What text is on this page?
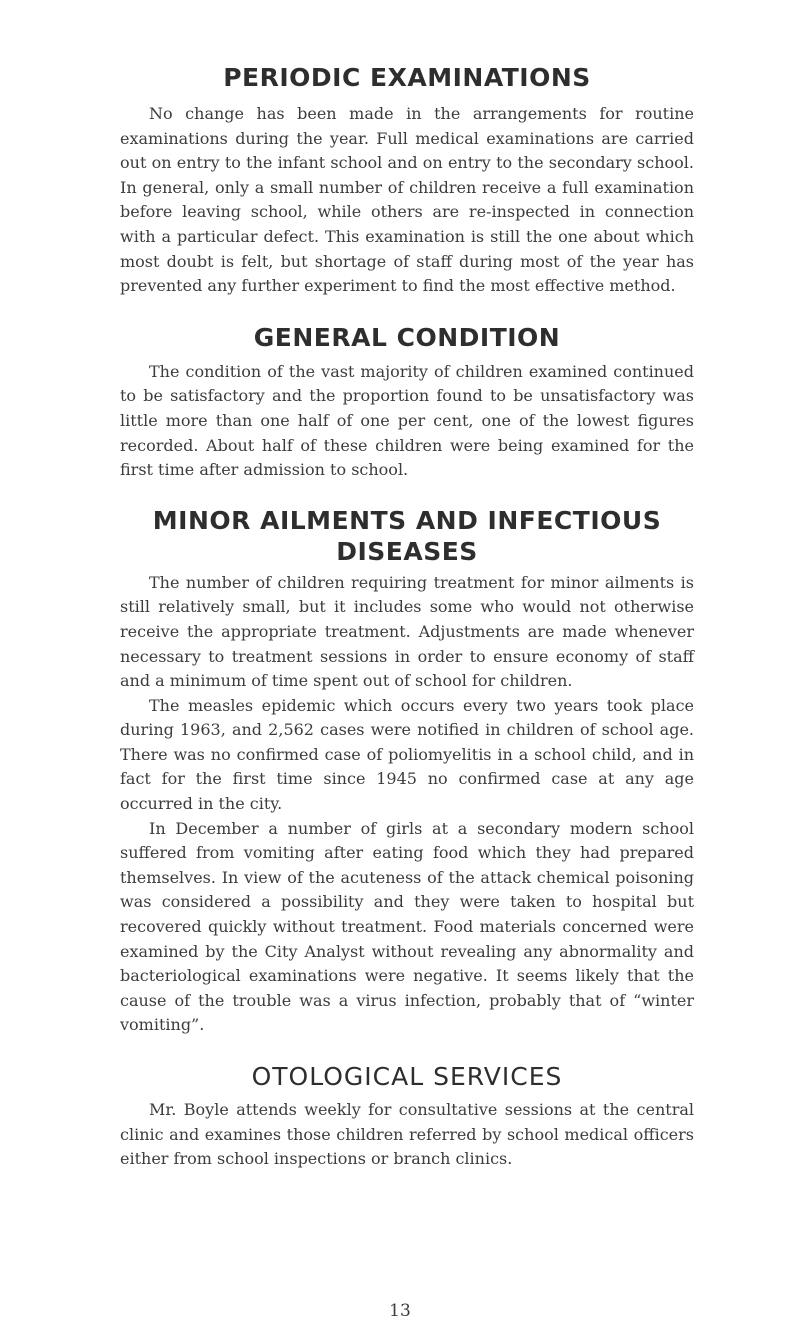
PERIODIC EXAMINATIONS

No change has been made in the arrangements for routine examinations during the year. Full medical examinations are carried out on entry to the infant school and on entry to the secondary school. In general, only a small number of children receive a full examination before leaving school, while others are re-inspected in connection with a particular defect. This examination is still the one about which most doubt is felt, but shortage of staff during most of the year has prevented any further experiment to find the most effective method.

GENERAL CONDITION

The condition of the vast majority of children examined continued to be satisfactory and the proportion found to be unsatisfactory was little more than one half of one per cent, one of the lowest figures recorded. About half of these children were being examined for the first time after admission to school.

MINOR AILMENTS AND INFECTIOUS DISEASES

The number of children requiring treatment for minor ailments is still relatively small, but it includes some who would not otherwise receive the appropriate treatment. Adjustments are made whenever necessary to treatment sessions in order to ensure economy of staff and a minimum of time spent out of school for children.

The measles epidemic which occurs every two years took place during 1963, and 2,562 cases were notified in children of school age. There was no confirmed case of poliomyelitis in a school child, and in fact for the first time since 1945 no confirmed case at any age occurred in the city.

In December a number of girls at a secondary modern school suffered from vomiting after eating food which they had prepared themselves. In view of the acuteness of the attack chemical poisoning was considered a possibility and they were taken to hospital but recovered quickly without treatment. Food materials concerned were examined by the City Analyst without revealing any abnormality and bacteriological examinations were negative. It seems likely that the cause of the trouble was a virus infection, probably that of “winter vomiting”.

OTOLOGICAL SERVICES

Mr. Boyle attends weekly for consultative sessions at the central clinic and examines those children referred by school medical officers either from school inspections or branch clinics.

13
